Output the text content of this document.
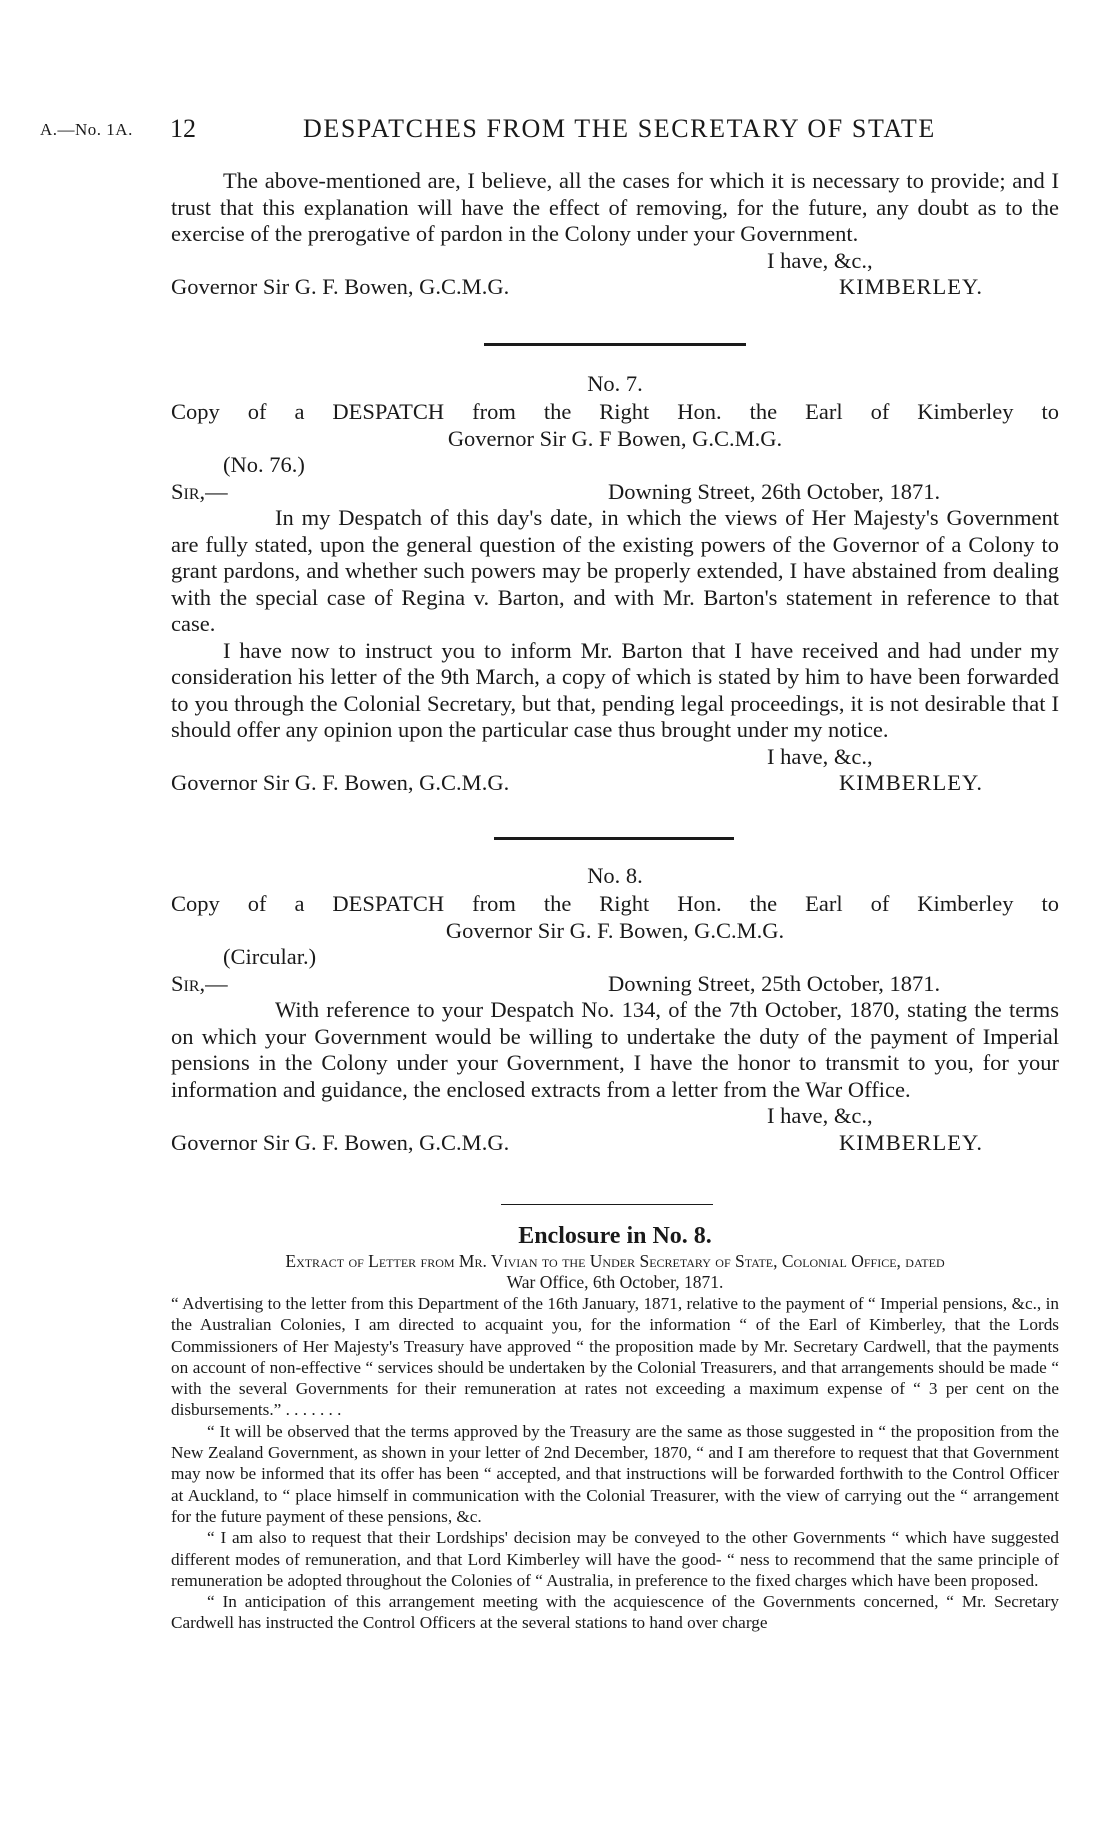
A.—No. 1A. 12	DESPATCHES FROM THE SECRETARY OF STATE

The above-mentioned are, I believe, all the cases for which it is necessary to provide; and I trust that this explanation will have the effect of removing, for the future, any doubt as to the exercise of the prerogative of pardon in the Colony under your Government.

I have, &c.,
Governor Sir G. F. Bowen, G.C.M.G.	KIMBERLEY.
No. 7.
Copy of a DESPATCH from the Right Hon. the Earl of Kimberley to
Governor Sir G. F Bowen, G.C.M.G.
(No. 76.)
Sir,—	Downing Street, 26th October, 1871.

In my Despatch of this day's date, in which the views of Her Majesty's Government are fully stated, upon the general question of the existing powers of the Governor of a Colony to grant pardons, and whether such powers may be properly extended, I have abstained from dealing with the special case of Regina v. Barton, and with Mr. Barton's statement in reference to that case.

I have now to instruct you to inform Mr. Barton that I have received and had under my consideration his letter of the 9th March, a copy of which is stated by him to have been forwarded to you through the Colonial Secretary, but that, pending legal proceedings, it is not desirable that I should offer any opinion upon the particular case thus brought under my notice.

I have, &c.,
Governor Sir G. F. Bowen, G.C.M.G.	KIMBERLEY.
No. 8.
Copy of a DESPATCH from the Right Hon. the Earl of Kimberley to
Governor Sir G. F. Bowen, G.C.M.G.
(Circular.)
Sir,—	Downing Street, 25th October, 1871.

With reference to your Despatch No. 134, of the 7th October, 1870, stating the terms on which your Government would be willing to undertake the duty of the payment of Imperial pensions in the Colony under your Government, I have the honor to transmit to you, for your information and guidance, the enclosed extracts from a letter from the War Office.

I have, &c.,
Governor Sir G. F. Bowen, G.C.M.G.	KIMBERLEY.
Enclosure in No. 8.
Extract of Letter from Mr. Vivian to the Under Secretary of State, Colonial Office, dated
War Office, 6th October, 1871.

“ Advertising to the letter from this Department of the 16th January, 1871, relative to the payment of “ Imperial pensions, &c., in the Australian Colonies, I am directed to acquaint you, for the information “ of the Earl of Kimberley, that the Lords Commissioners of Her Majesty's Treasury have approved “ the proposition made by Mr. Secretary Cardwell, that the payments on account of non-effective “ services should be undertaken by the Colonial Treasurers, and that arrangements should be made “ with the several Governments for their remuneration at rates not exceeding a maximum expense of “ 3 per cent on the disbursements.” . . . . . . .

“ It will be observed that the terms approved by the Treasury are the same as those suggested in “ the proposition from the New Zealand Government, as shown in your letter of 2nd December, 1870, “ and I am therefore to request that that Government may now be informed that its offer has been “ accepted, and that instructions will be forwarded forthwith to the Control Officer at Auckland, to “ place himself in communication with the Colonial Treasurer, with the view of carrying out the “ arrangement for the future payment of these pensions, &c.

“ I am also to request that their Lordships' decision may be conveyed to the other Governments “ which have suggested different modes of remuneration, and that Lord Kimberley will have the good- “ ness to recommend that the same principle of remuneration be adopted throughout the Colonies of “ Australia, in preference to the fixed charges which have been proposed.

“ In anticipation of this arrangement meeting with the acquiescence of the Governments concerned, “ Mr. Secretary Cardwell has instructed the Control Officers at the several stations to hand over charge
